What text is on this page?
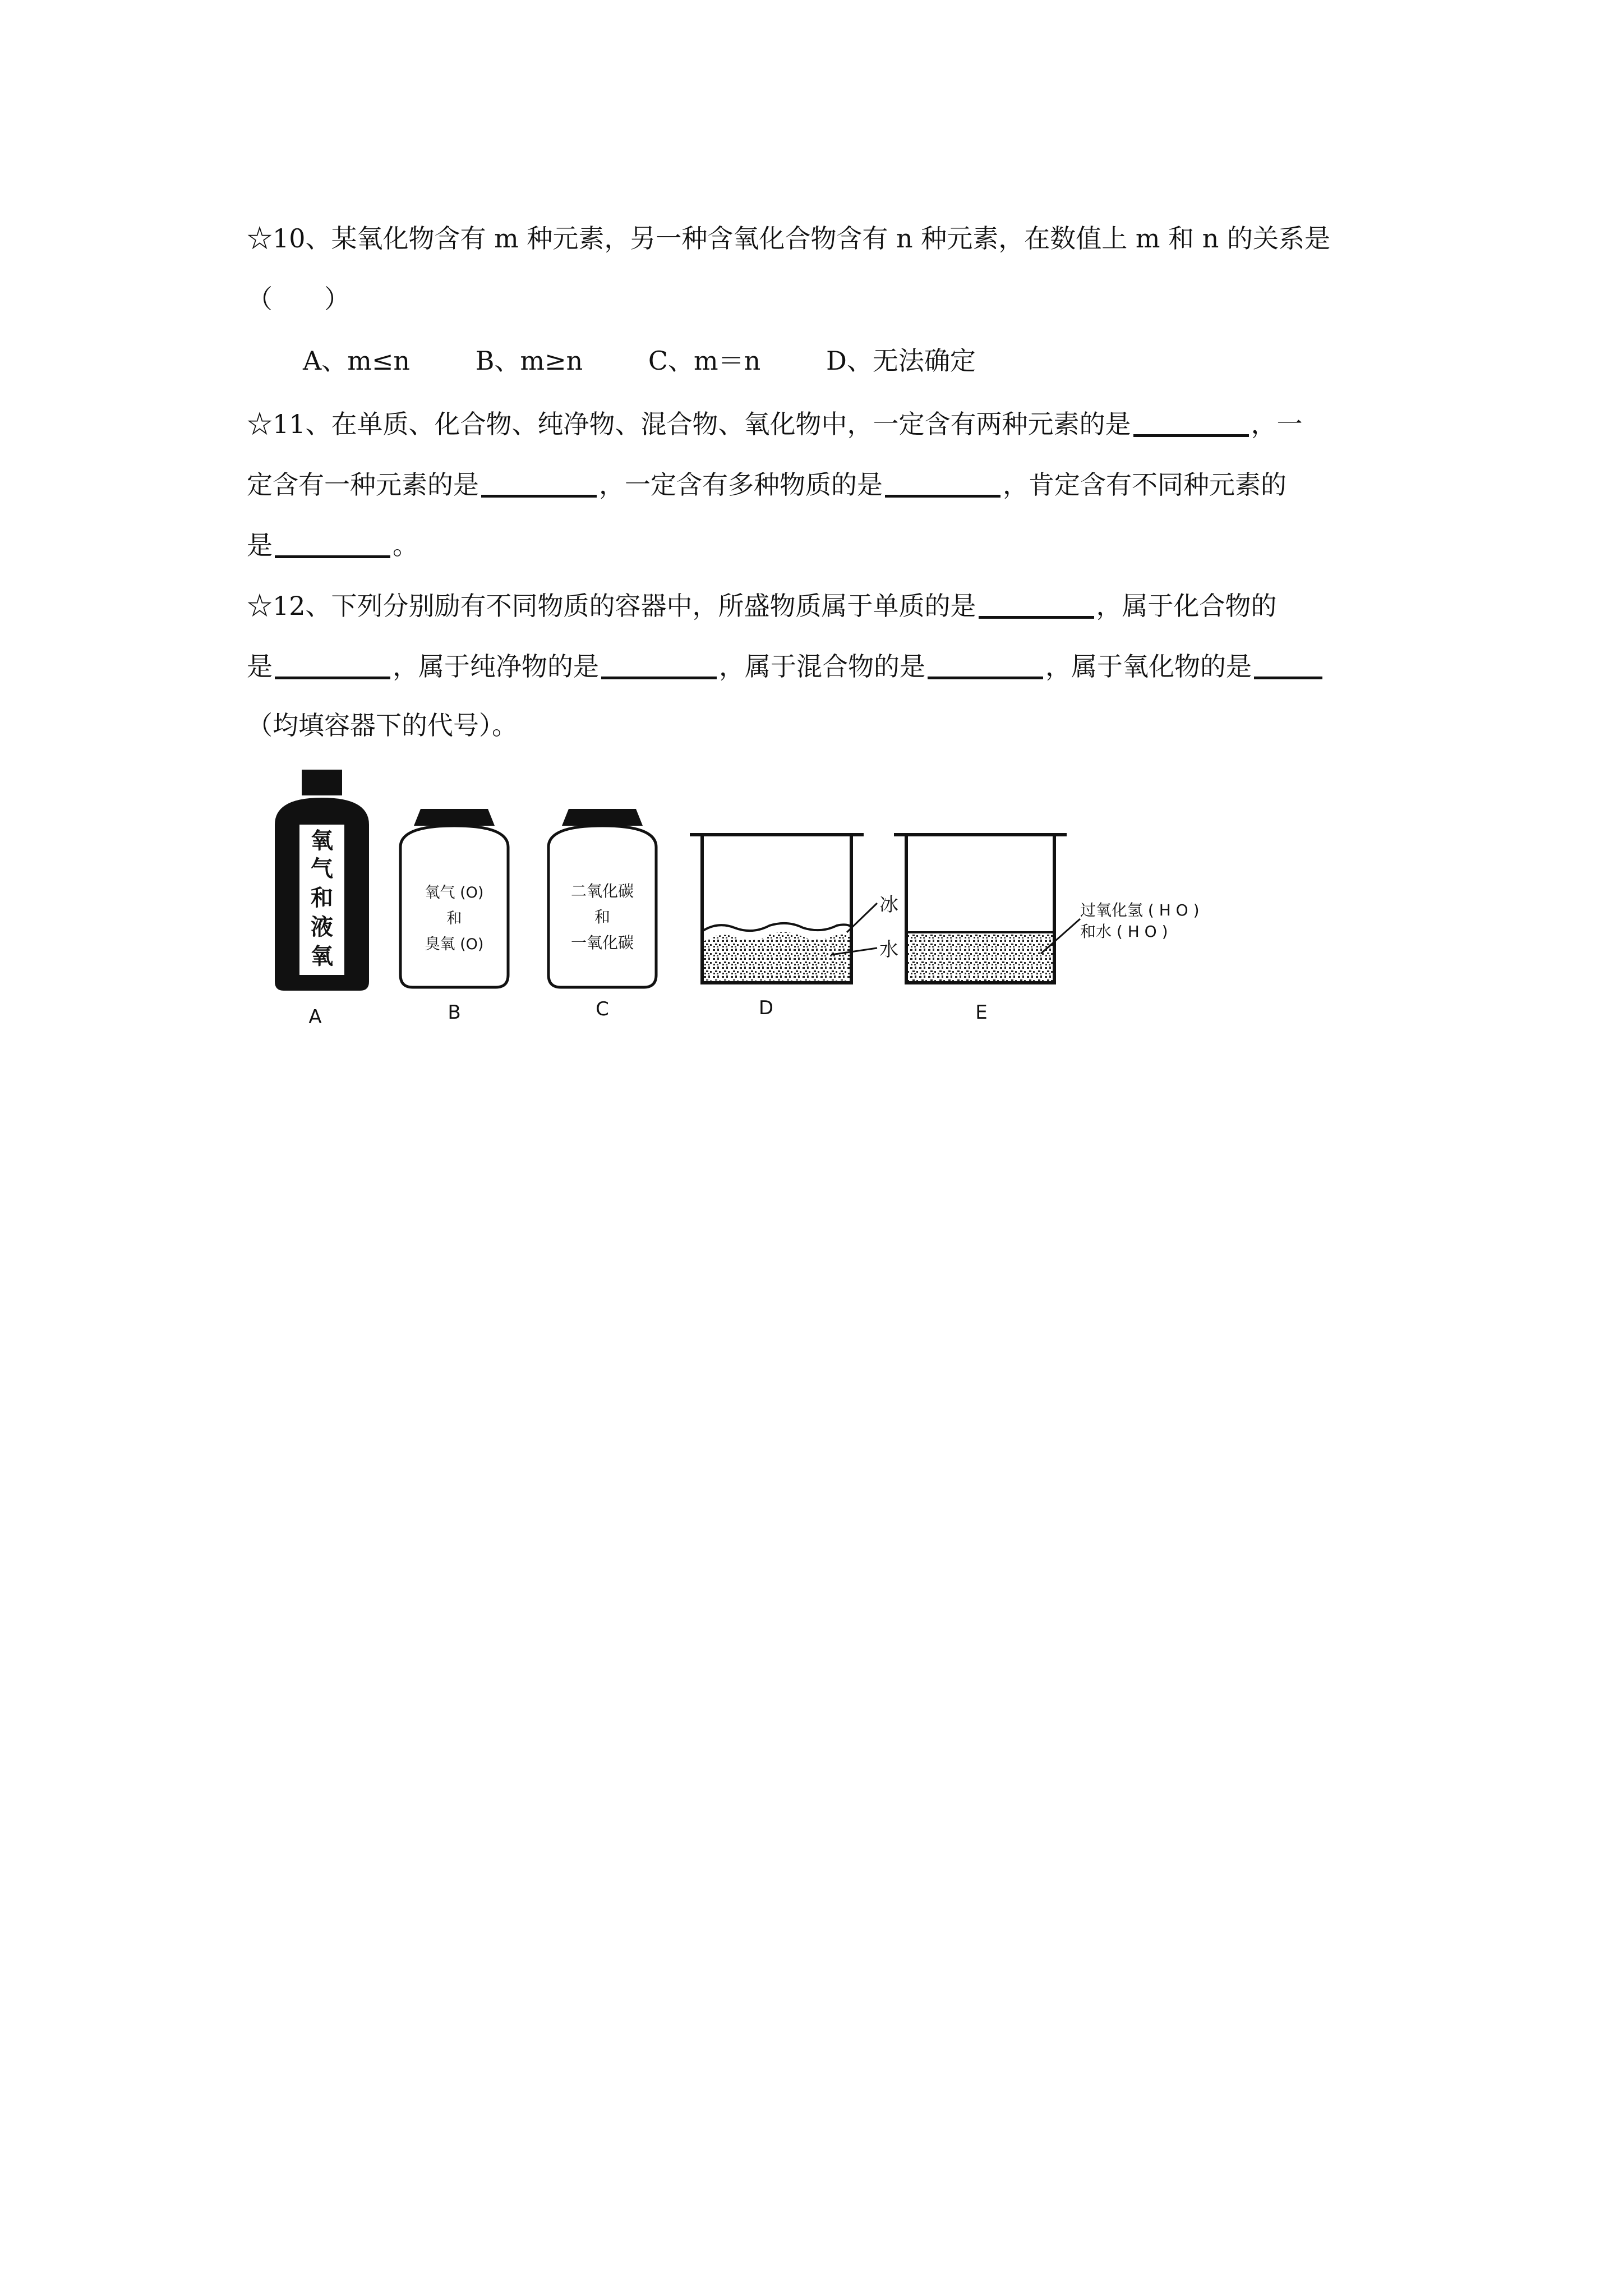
☆10、某氧化物含有 m 种元素，另一种含氧化合物含有 n 种元素，在数值上 m 和 n 的关系是
（　　）
A、m≤n	B、m≥n	C、m＝n	D、无法确定
☆11、在单质、化合物、纯净物、混合物、氧化物中，一定含有两种元素的是	，一
定含有一种元素的是	，一定含有多种物质的是	，肯定含有不同种元素的
是	。
☆12、下列分别励有不同物质的容器中，所盛物质属于单质的是	，属于化合物的
是	，属于纯净物的是	，属于混合物的是	，属于氧化物的是
（均填容器下的代号）。
氧
气
和
液
氧
A
氧气 (O)
和
臭氧 (O)
B
二氧化碳
和
一氧化碳
C
冰
水
D
过氧化氢 ( H O )
和水 ( H O )
E
